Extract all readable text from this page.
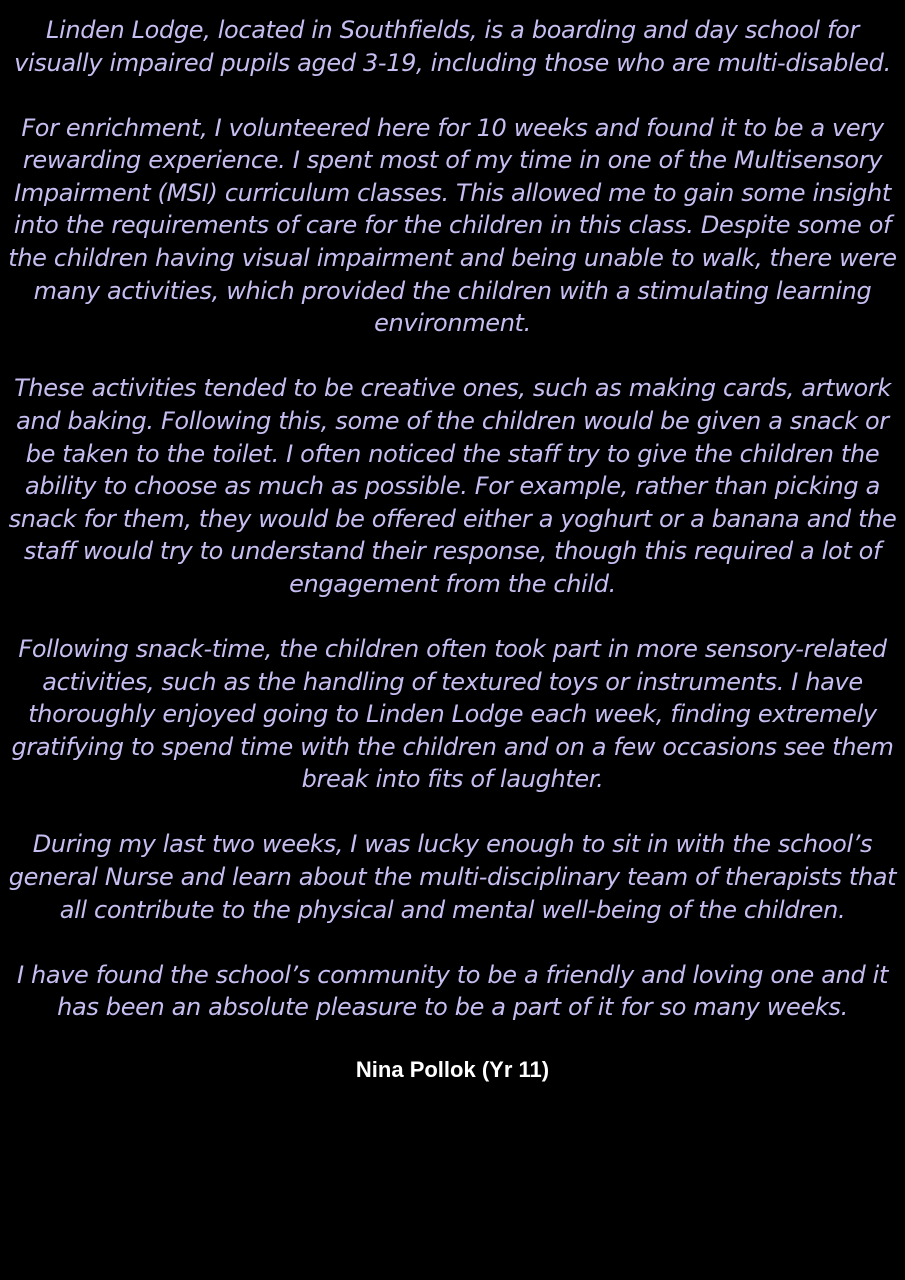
Linden Lodge, located in Southfields, is a boarding and day school for visually impaired pupils aged 3-19, including those who are multi-disabled.

For enrichment, I volunteered here for 10 weeks and found it to be a very rewarding experience. I spent most of my time in one of the Multisensory Impairment (MSI) curriculum classes. This allowed me to gain some insight into the requirements of care for the children in this class. Despite some of the children having visual impairment and being unable to walk, there were many activities, which provided the children with a stimulating learning environment.

These activities tended to be creative ones, such as making cards, artwork and baking. Following this, some of the children would be given a snack or be taken to the toilet. I often noticed the staff try to give the children the ability to choose as much as possible. For example, rather than picking a snack for them, they would be offered either a yoghurt or a banana and the staff would try to understand their response, though this required a lot of engagement from the child.

Following snack-time, the children often took part in more sensory-related activities, such as the handling of textured toys or instruments. I have thoroughly enjoyed going to Linden Lodge each week, finding extremely gratifying to spend time with the children and on a few occasions see them break into fits of laughter.

During my last two weeks, I was lucky enough to sit in with the school’s general Nurse and learn about the multi-disciplinary team of therapists that all contribute to the physical and mental well-being of the children.

I have found the school’s community to be a friendly and loving one and it has been an absolute pleasure to be a part of it for so many weeks.

Nina Pollok (Yr 11)
